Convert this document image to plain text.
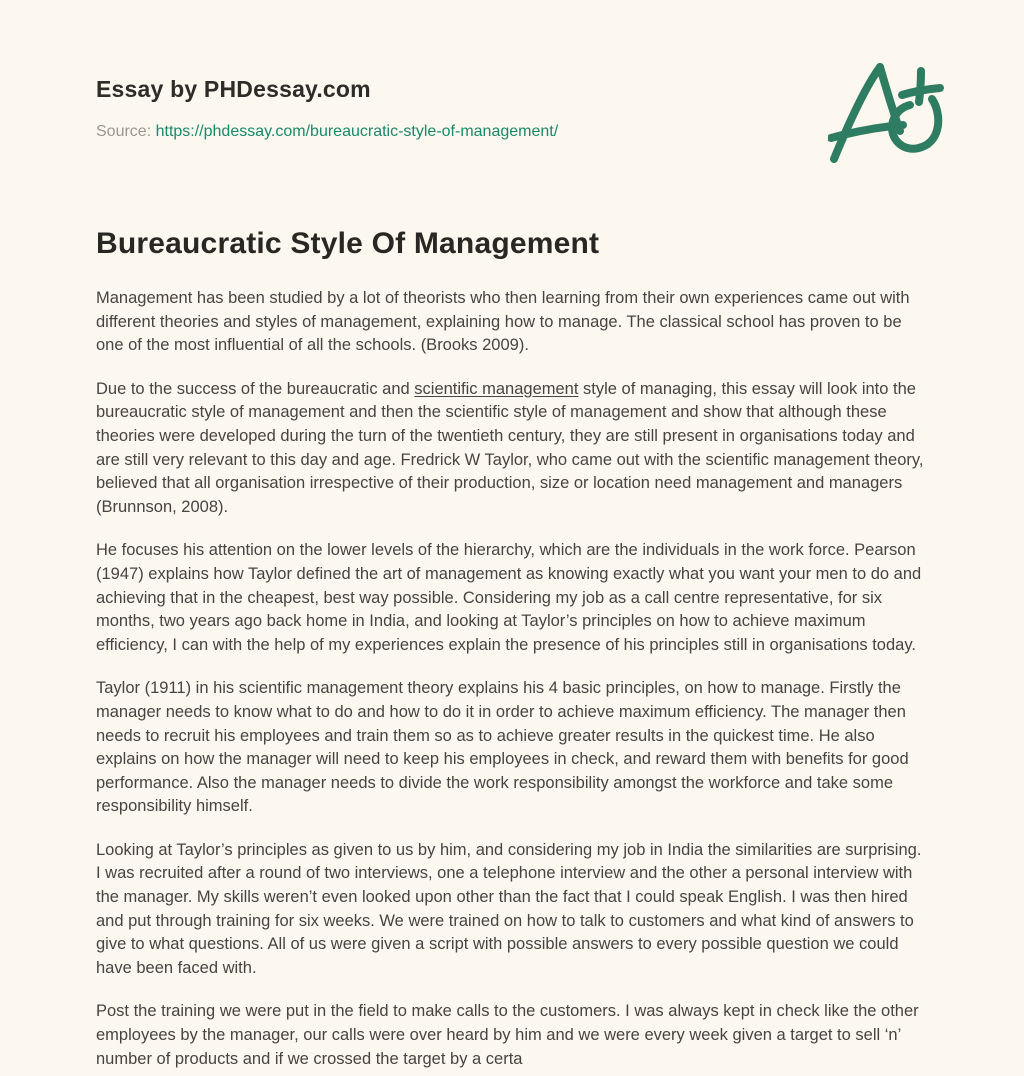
Essay by PHDessay.com
Source: https://phdessay.com/bureaucratic-style-of-management/
Bureaucratic Style Of Management

Management has been studied by a lot of theorists who then learning from their own experiences came out with different theories and styles of management, explaining how to manage. The classical school has proven to be one of the most influential of all the schools. (Brooks 2009).

Due to the success of the bureaucratic and scientific management style of managing, this essay will look into the bureaucratic style of management and then the scientific style of management and show that although these theories were developed during the turn of the twentieth century, they are still present in organisations today and are still very relevant to this day and age. Fredrick W Taylor, who came out with the scientific management theory, believed that all organisation irrespective of their production, size or location need management and managers (Brunnson, 2008).

He focuses his attention on the lower levels of the hierarchy, which are the individuals in the work force. Pearson (1947) explains how Taylor defined the art of management as knowing exactly what you want your men to do and achieving that in the cheapest, best way possible. Considering my job as a call centre representative, for six months, two years ago back home in India, and looking at Taylor’s principles on how to achieve maximum efficiency, I can with the help of my experiences explain the presence of his principles still in organisations today.

Taylor (1911) in his scientific management theory explains his 4 basic principles, on how to manage. Firstly the manager needs to know what to do and how to do it in order to achieve maximum efficiency. The manager then needs to recruit his employees and train them so as to achieve greater results in the quickest time. He also explains on how the manager will need to keep his employees in check, and reward them with benefits for good performance. Also the manager needs to divide the work responsibility amongst the workforce and take some responsibility himself.

Looking at Taylor’s principles as given to us by him, and considering my job in India the similarities are surprising. I was recruited after a round of two interviews, one a telephone interview and the other a personal interview with the manager. My skills weren’t even looked upon other than the fact that I could speak English. I was then hired and put through training for six weeks. We were trained on how to talk to customers and what kind of answers to give to what questions. All of us were given a script with possible answers to every possible question we could have been faced with.

Post the training we were put in the field to make calls to the customers. I was always kept in check like the other employees by the manager, our calls were over heard by him and we were every week given a target to sell ‘n’ number of products and if we crossed the target by a certa
